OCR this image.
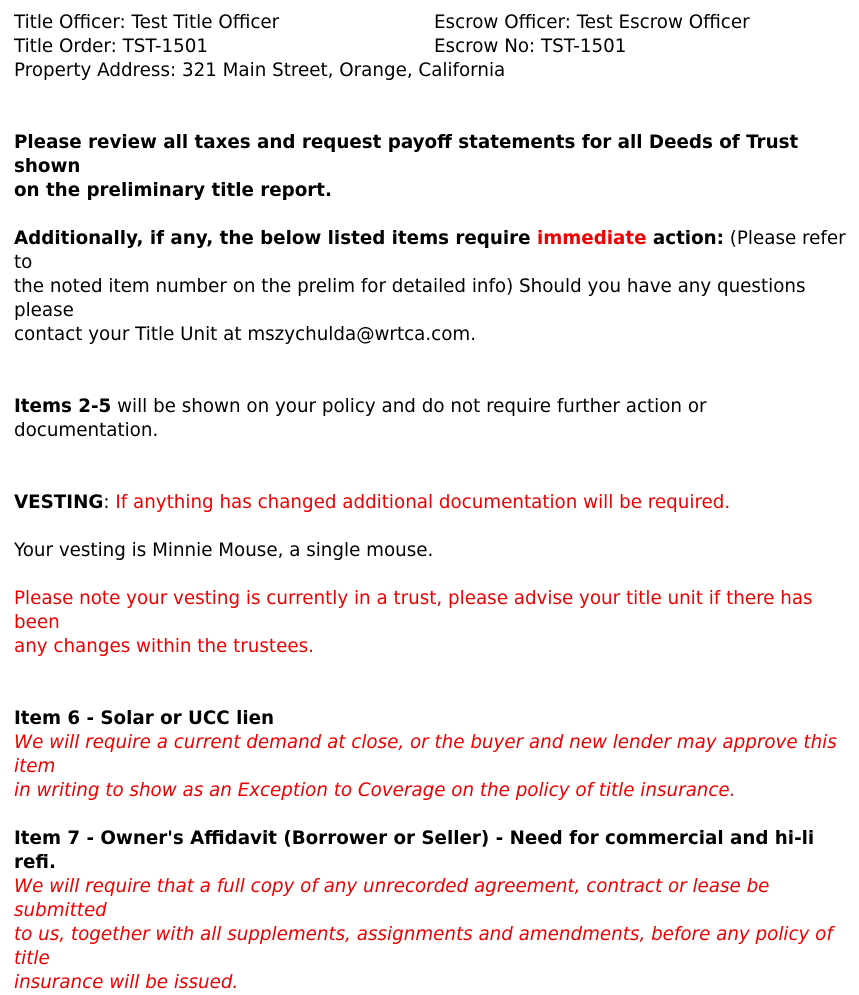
Title Officer: Test Title Officer	Escrow Officer: Test Escrow Officer
Title Order: TST-1501	Escrow No: TST-1501
Property Address: 321 Main Street, Orange, California

Please review all taxes and request payoff statements for all Deeds of Trust shown
on the preliminary title report.

Additionally, if any, the below listed items require immediate action: (Please refer to
the noted item number on the prelim for detailed info) Should you have any questions please
contact your Title Unit at mszychulda@wrtca.com.

Items 2-5 will be shown on your policy and do not require further action or documentation.

VESTING: If anything has changed additional documentation will be required.

Your vesting is Minnie Mouse, a single mouse.

Please note your vesting is currently in a trust, please advise your title unit if there has been
any changes within the trustees.

Item 6 - Solar or UCC lien

We will require a current demand at close, or the buyer and new lender may approve this item
in writing to show as an Exception to Coverage on the policy of title insurance.

Item 7 - Owner's Affidavit (Borrower or Seller) - Need for commercial and hi-li refi.

We will require that a full copy of any unrecorded agreement, contract or lease be submitted
to us, together with all supplements, assignments and amendments, before any policy of title
insurance will be issued.
